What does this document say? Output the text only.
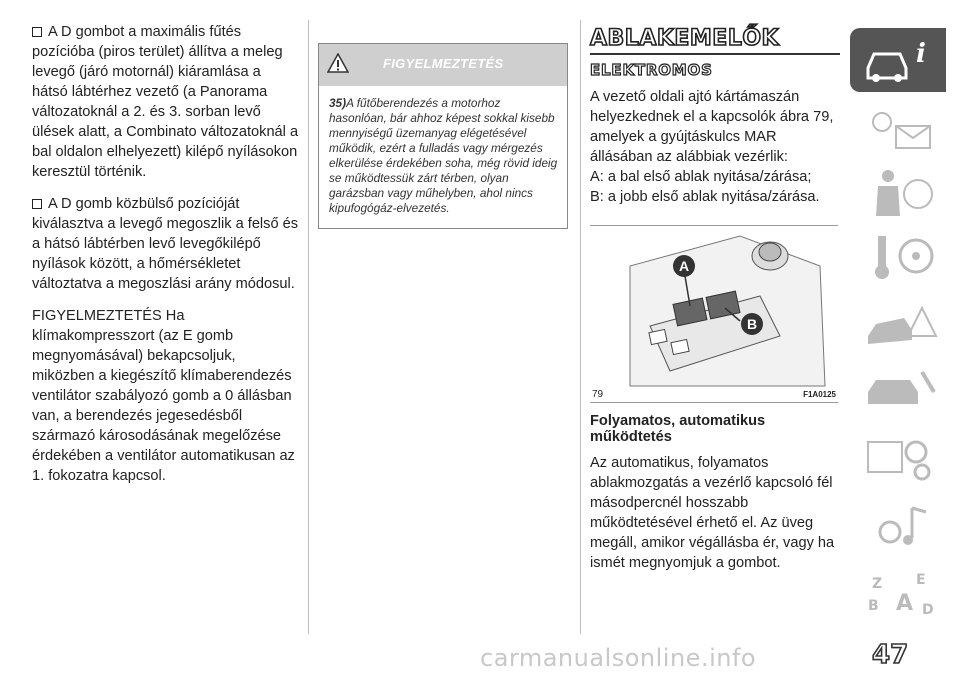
A D gombot a maximális fűtés pozícióba (piros terület) állítva a meleg levegő (járó motornál) kiáramlása a hátsó lábtérhez vezető (a Panorama változatoknál a 2. és 3. sorban levő ülések alatt, a Combinato változatoknál a bal oldalon elhelyezett) kilépő nyílásokon keresztül történik.

A D gomb közbülső pozícióját kiválasztva a levegő megoszlik a felső és a hátsó lábtérben levő levegőkilépő nyílások között, a hőmérsékletet változtatva a megoszlási arány módosul.

FIGYELMEZTETÉS Ha klímakompresszort (az E gomb megnyomásával) bekapcsoljuk, miközben a kiegészítő klímaberendezés ventilátor szabályozó gomb a 0 állásban van, a berendezés jegesedésből származó károsodásának megelőzése érdekében a ventilátor automatikusan az 1. fokozatra kapcsol.

FIGYELMEZTETÉS
35)A fűtőberendezés a motorhoz hasonlóan, bár ahhoz képest sokkal kisebb mennyiségű üzemanyag elégetésével működik, ezért a fulladás vagy mérgezés elkerülése érdekében soha, még rövid ideig se működtessük zárt térben, olyan garázsban vagy műhelyben, ahol nincs kipufogógáz-elvezetés.
ABLAKEMELŐK
ELEKTROMOS

A vezető oldali ajtó kártámaszán helyezkednek el a kapcsolók ábra 79, amelyek a gyújtáskulcs MAR állásában az alábbiak vezérlik:

A: a bal első ablak nyitása/zárása;

B: a jobb első ablak nyitása/zárása.

A
B
79	F1A0125
Folyamatos, automatikus működtetés

Az automatikus, folyamatos ablakmozgatás a vezérlő kapcsoló fél másodpercnél hosszabb működtetésével érhető el. Az üveg megáll, amikor végállásba ér, vagy ha ismét megnyomjuk a gombot.

i
Z E
B A D
47
carmanualsonline.info
